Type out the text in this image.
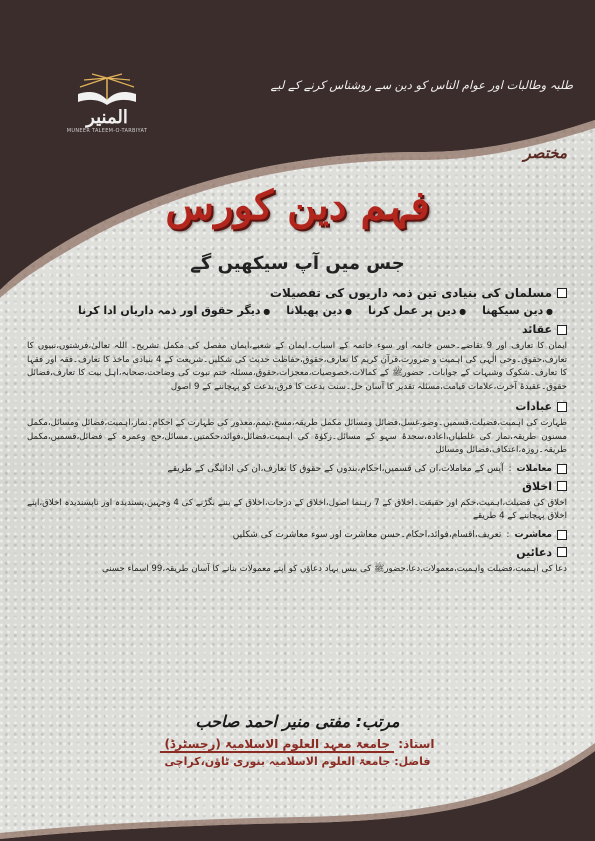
المنير
MUNEER TALEEM-O-TARBIYAT
طلبہ وطالبات اور عوام الناس کو دین سے روشناس کرنے کے لیے
مختصر
فہم دین کورس
جس میں آپ سیکھیں گے
مسلمان کی بنیادی تین ذمہ داریوں کی تفصیلات
● دین سیکھنا
● دین پر عمل کرنا
● دین پھیلانا
● دیگر حقوق اور ذمہ داریاں ادا کرنا
عقائد

ایمان کا تعارف اور 9 تقاضے۔حسن خاتمہ اور سوء خاتمہ کے اسباب۔ایمان کے شعبے،ایمان مفصل کی مکمل تشریح۔ اللہ تعالیٰ،فرشتوں،نبیوں کا تعارف،حقوق۔وحی الٰہی کی اہمیت و ضرورت،قرآن کریم کا تعارف،حقوق،حفاظت حدیث کی شکلیں۔شریعت کے 4 بنیادی ماخذ کا تعارف۔فقہ اور فقہا کا تعارف۔شکوک وشبہات کے جوابات۔ حضورﷺ کے کمالات،خصوصیات،معجزات،حقوق،مسئلہ ختم نبوت کی وضاحت،صحابہ،اہل بیت کا تعارف،فضائل حقوق۔عقیدۂ آخرت،علامات قیامت،مسئلہ تقدیر کا آسان حل۔سنت بدعت کا فرق،بدعت کو پہچاننے کے 9 اصول

عبادات

طہارت کی اہمیت،فضیلت،قسمیں۔وضو،غسل،فضائل ومسائل مکمل طریقہ،مسح،تیمم،معذور کی طہارت کے احکام۔نماز،اہمیت،فضائل ومسائل،مکمل مسنون طریقہ،نماز کی غلطیاں،اعادہ،سجدۂ سہو کے مسائل۔زکوٰۃ کی اہمیت،فضائل،فوائد،حکمتیں۔مسائل،حج وعمرہ کے فضائل،قسمیں،مکمل طریقہ۔روزہ،اعتکاف،فضائل ومسائل

معاملات
:
آپس کے معاملات،ان کی قسمیں،احکام،بندوں کے حقوق کا تعارف،ان کی ادائیگی کے طریقے
اخلاق

اخلاق کی فضیلت،اہمیت،حکم اور حقیقت۔اخلاق کے 7 رہنما اصول،اخلاق کے درجات،اخلاق کے بننے بگڑنے کی 4 وجہیں،پسندیدہ اور ناپسندیدہ اخلاق،اپنے اخلاق پہچاننے کے 4 طریقے

معاشرت
:
تعریف،اقسام،فوائد،احکام۔حسن معاشرت اور سوء معاشرت کی شکلیں
دعائیں

دعا کی اہمیت،فضیلت واہمیت،معمولات،دعا،حضورﷺ کی بیس بہاد دعاؤں کو اپنے معمولات بنانے کا آسان طریقہ،99 اسماء حسنی

مرتب: مفتی منیر احمد صاحب
استاذ: جامعۃ معہد العلوم الاسلامیۃ (رجسٹرڈ)
فاضل: جامعۃ العلوم الاسلامیہ بنوری ٹاؤن،کراچی
